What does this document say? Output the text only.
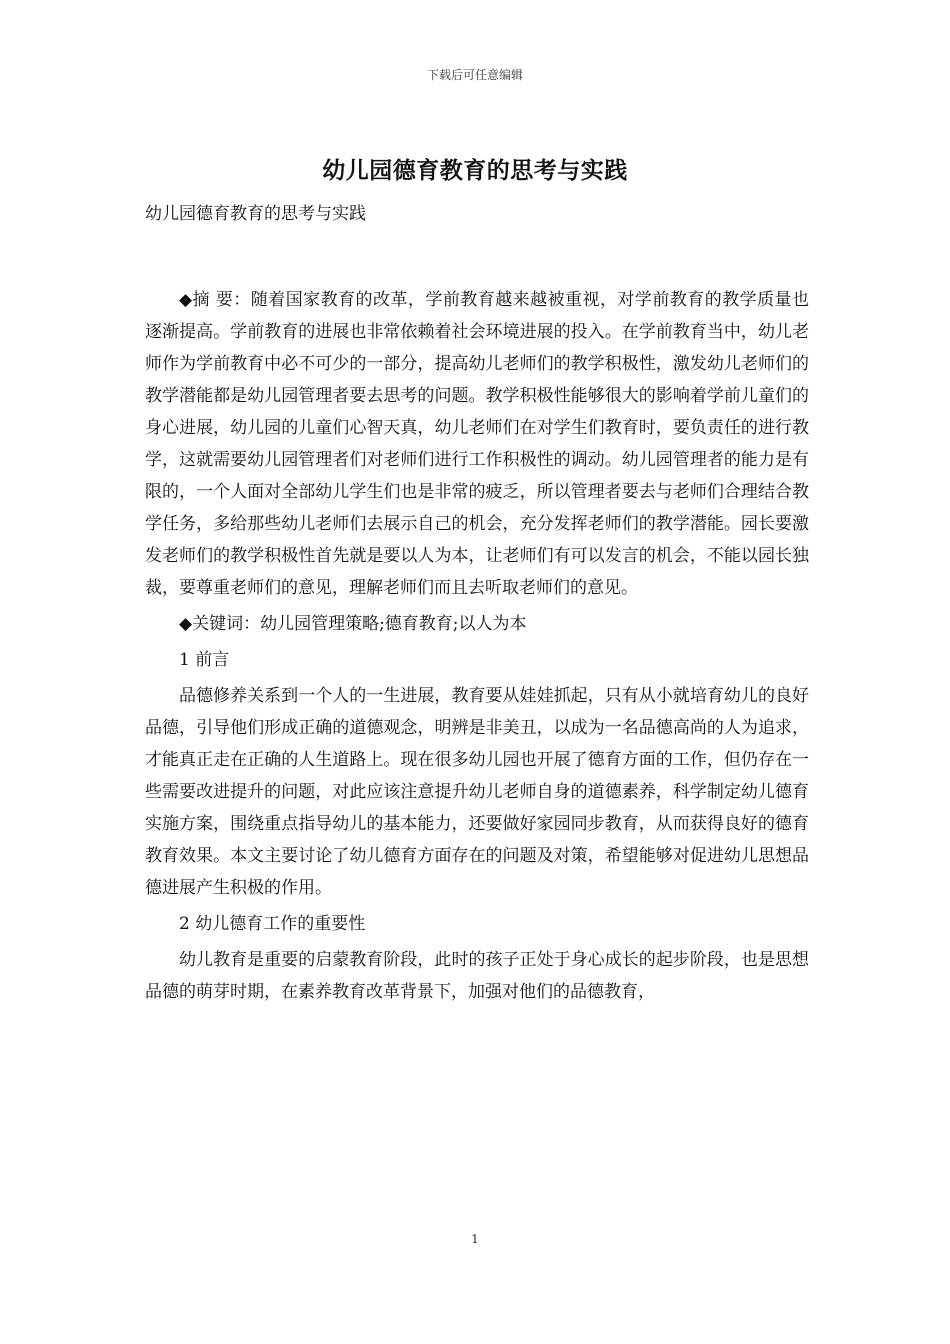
下载后可任意编辑
幼儿园德育教育的思考与实践

幼儿园德育教育的思考与实践

◆摘 要：随着国家教育的改革，学前教育越来越被重视，对学前教育的教学质量也逐渐提高。学前教育的进展也非常依赖着社会环境进展的投入。在学前教育当中，幼儿老师作为学前教育中必不可少的一部分，提高幼儿老师们的教学积极性，激发幼儿老师们的教学潜能都是幼儿园管理者要去思考的问题。教学积极性能够很大的影响着学前儿童们的身心进展，幼儿园的儿童们心智天真，幼儿老师们在对学生们教育时，要负责任的进行教学，这就需要幼儿园管理者们对老师们进行工作积极性的调动。幼儿园管理者的能力是有限的，一个人面对全部幼儿学生们也是非常的疲乏，所以管理者要去与老师们合理结合教学任务，多给那些幼儿老师们去展示自己的机会，充分发挥老师们的教学潜能。园长要激发老师们的教学积极性首先就是要以人为本，让老师们有可以发言的机会，不能以园长独裁，要尊重老师们的意见，理解老师们而且去听取老师们的意见。

◆关键词：幼儿园管理策略;德育教育;以人为本

1 前言

品德修养关系到一个人的一生进展，教育要从娃娃抓起，只有从小就培育幼儿的良好品德，引导他们形成正确的道德观念，明辨是非美丑，以成为一名品德高尚的人为追求，才能真正走在正确的人生道路上。现在很多幼儿园也开展了德育方面的工作，但仍存在一些需要改进提升的问题，对此应该注意提升幼儿老师自身的道德素养，科学制定幼儿德育实施方案，围绕重点指导幼儿的基本能力，还要做好家园同步教育，从而获得良好的德育教育效果。本文主要讨论了幼儿德育方面存在的问题及对策，希望能够对促进幼儿思想品德进展产生积极的作用。

2 幼儿德育工作的重要性

幼儿教育是重要的启蒙教育阶段，此时的孩子正处于身心成长的起步阶段，也是思想品德的萌芽时期，在素养教育改革背景下，加强对他们的品德教育，

1
